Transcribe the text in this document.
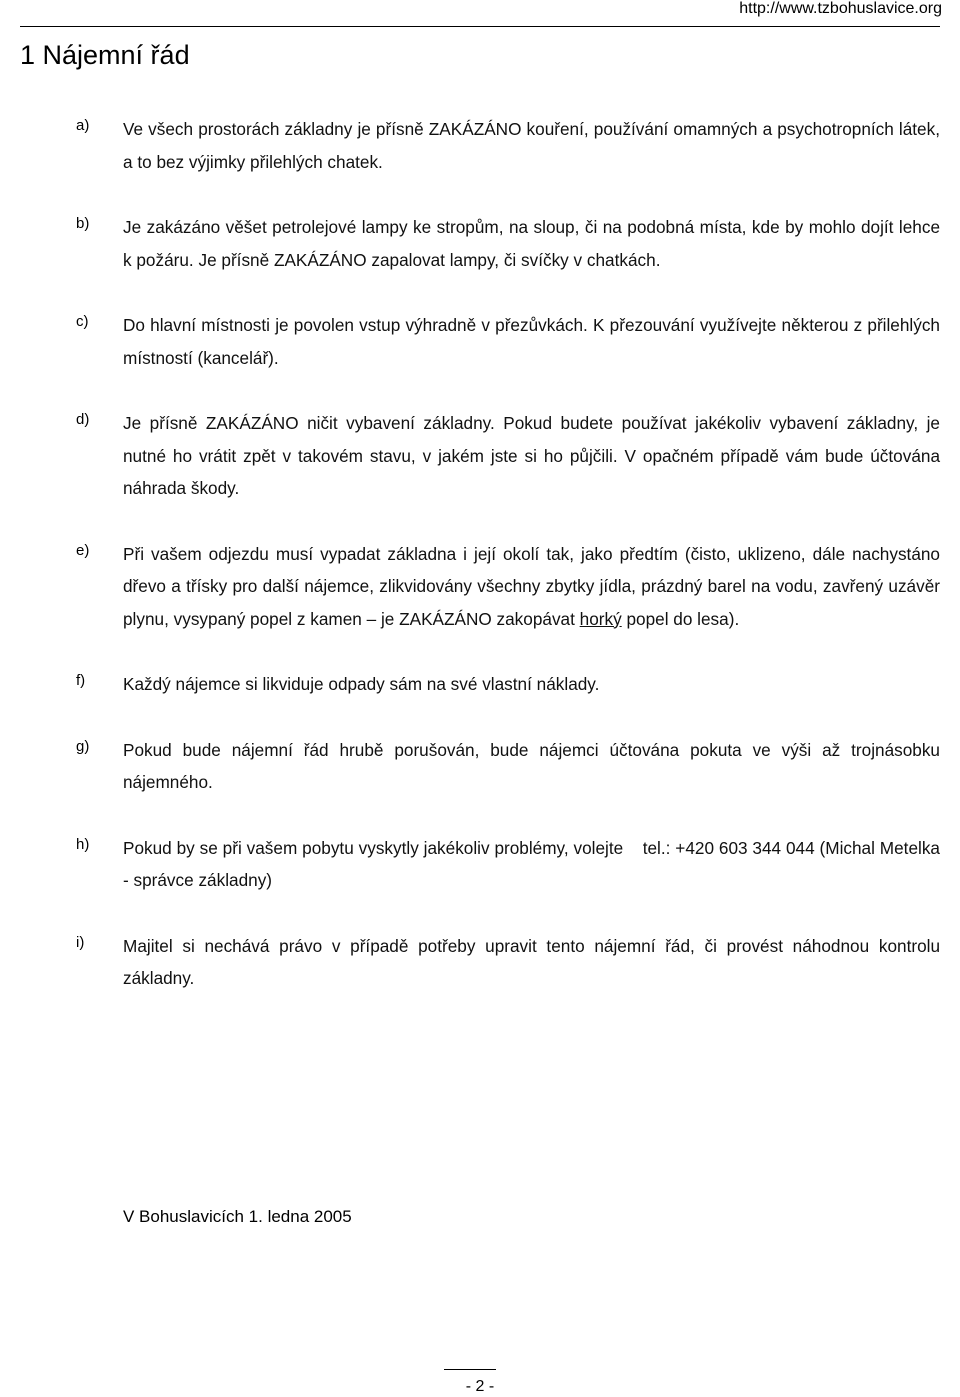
http://www.tzbohuslavice.org
1 Nájemní řád
a) Ve všech prostorách základny je přísně ZAKÁZÁNO kouření, používání omamných a psychotropních látek, a to bez výjimky přilehlých chatek.
b) Je zakázáno věšet petrolejové lampy ke stropům, na sloup, či na podobná místa, kde by mohlo dojít lehce k požáru. Je přísně ZAKÁZÁNO zapalovat lampy, či svíčky v chatkách.
c) Do hlavní místnosti je povolen vstup výhradně v přezůvkách. K přezouvání využívejte některou z přilehlých místností (kancelář).
d) Je přísně ZAKÁZÁNO ničit vybavení základny. Pokud budete používat jakékoliv vybavení základny, je nutné ho vrátit zpět v takovém stavu, v jakém jste si ho půjčili. V opačném případě vám bude účtována náhrada škody.
e) Při vašem odjezdu musí vypadat základna i její okolí tak, jako předtím (čisto, uklizeno, dále nachystáno dřevo a třísky pro další nájemce, zlikvidovány všechny zbytky jídla, prázdný barel na vodu, zavřený uzávěr plynu, vysypaný popel z kamen – je ZAKÁZÁNO zakopávat horký popel do lesa).
f) Každý nájemce si likviduje odpady sám na své vlastní náklady.
g) Pokud bude nájemní řád hrubě porušován, bude nájemci účtována pokuta ve výši až trojnásobku nájemného.
h) Pokud by se při vašem pobytu vyskytly jakékoliv problémy, volejte    tel.: +420 603 344 044 (Michal Metelka - správce základny)
i) Majitel si nechává právo v případě potřeby upravit tento nájemní řád, či provést náhodnou kontrolu základny.
V Bohuslavicích 1. ledna 2005
- 2 -
